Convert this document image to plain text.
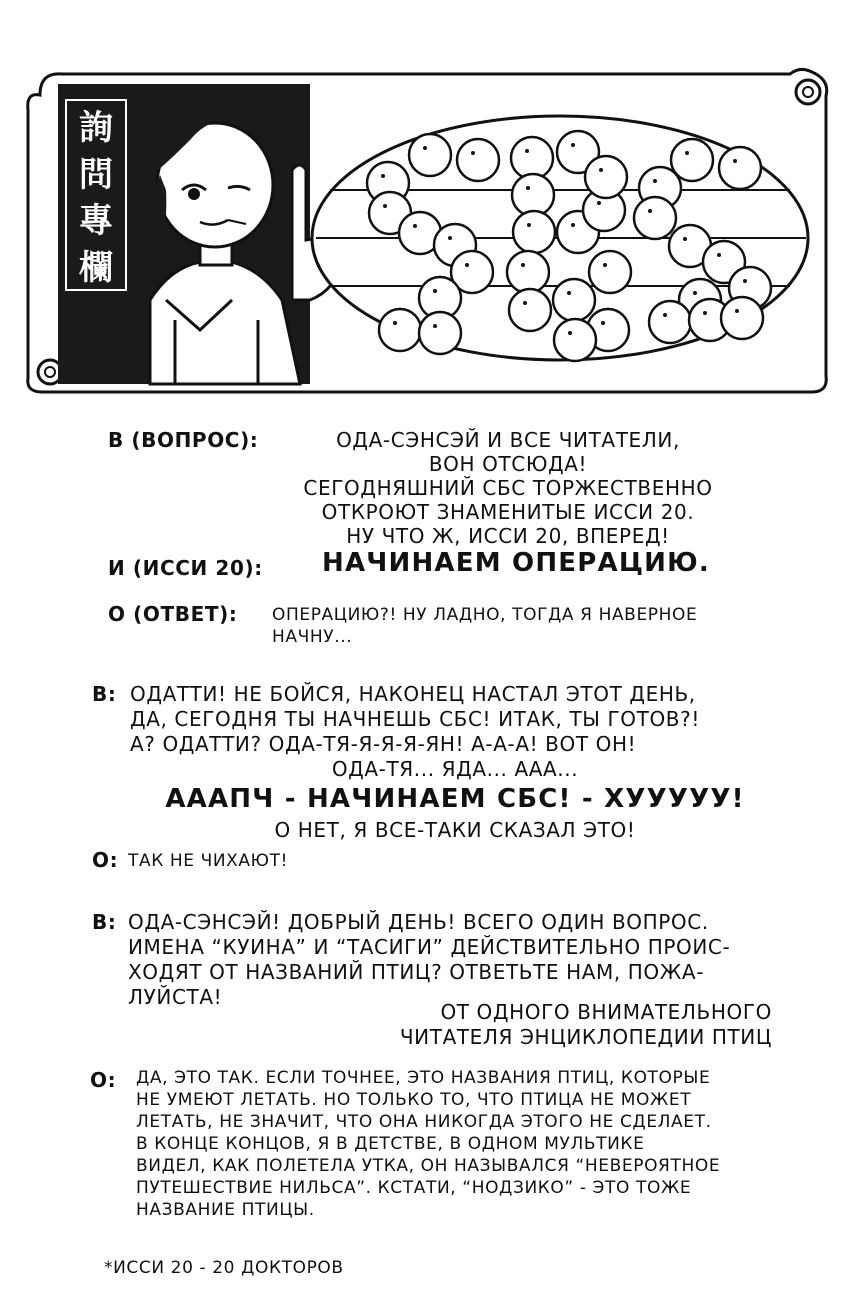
詢
問
專
欄
В (ВОПРОС):	ОДА-СЭНСЭЙ И ВСЕ ЧИТАТЕЛИ,
ВОН ОТСЮДА!
СЕГОДНЯШНИЙ СБС ТОРЖЕСТВЕННО
ОТКРОЮТ ЗНАМЕНИТЫЕ ИССИ 20.
НУ ЧТО Ж, ИССИ 20, ВПЕРЕД!
И (ИССИ 20): НАЧИНАЕМ ОПЕРАЦИЮ.
О (ОТВЕТ): ОПЕРАЦИЮ?! НУ ЛАДНО, ТОГДА Я НАВЕРНОЕ
НАЧНУ...
В: ОДАТТИ! НЕ БОЙСЯ, НАКОНЕЦ НАСТАЛ ЭТОТ ДЕНЬ,
ДА, СЕГОДНЯ ТЫ НАЧНЕШЬ СБС! ИТАК, ТЫ ГОТОВ?!
А? ОДАТТИ? ОДА-ТЯ-Я-Я-Я-ЯН! А-А-А! ВОТ ОН!
ОДА-ТЯ... ЯДА... ААА...
АААПЧ - НАЧИНАЕМ СБС! - ХУУУУУ!
О НЕТ, Я ВСЕ-ТАКИ СКАЗАЛ ЭТО!
О: ТАК НЕ ЧИХАЮТ!
В: ОДА-СЭНСЭЙ! ДОБРЫЙ ДЕНЬ! ВСЕГО ОДИН ВОПРОС.
ИМЕНА “КУИНА” И “ТАСИГИ” ДЕЙСТВИТЕЛЬНО ПРОИС-
ХОДЯТ ОТ НАЗВАНИЙ ПТИЦ? ОТВЕТЬТЕ НАМ, ПОЖА-
ЛУЙСТА!
ОТ ОДНОГО ВНИМАТЕЛЬНОГО
ЧИТАТЕЛЯ ЭНЦИКЛОПЕДИИ ПТИЦ
О: ДА, ЭТО ТАК. ЕСЛИ ТОЧНЕЕ, ЭТО НАЗВАНИЯ ПТИЦ, КОТОРЫЕ
НЕ УМЕЮТ ЛЕТАТЬ. НО ТОЛЬКО ТО, ЧТО ПТИЦА НЕ МОЖЕТ
ЛЕТАТЬ, НЕ ЗНАЧИТ, ЧТО ОНА НИКОГДА ЭТОГО НЕ СДЕЛАЕТ.
В КОНЦЕ КОНЦОВ, Я В ДЕТСТВЕ, В ОДНОМ МУЛЬТИКЕ
ВИДЕЛ, КАК ПОЛЕТЕЛА УТКА, ОН НАЗЫВАЛСЯ “НЕВЕРОЯТНОЕ
ПУТЕШЕСТВИЕ НИЛЬСА”. КСТАТИ, “НОДЗИКО” - ЭТО ТОЖЕ
НАЗВАНИЕ ПТИЦЫ.
*ИССИ 20 - 20 ДОКТОРОВ
